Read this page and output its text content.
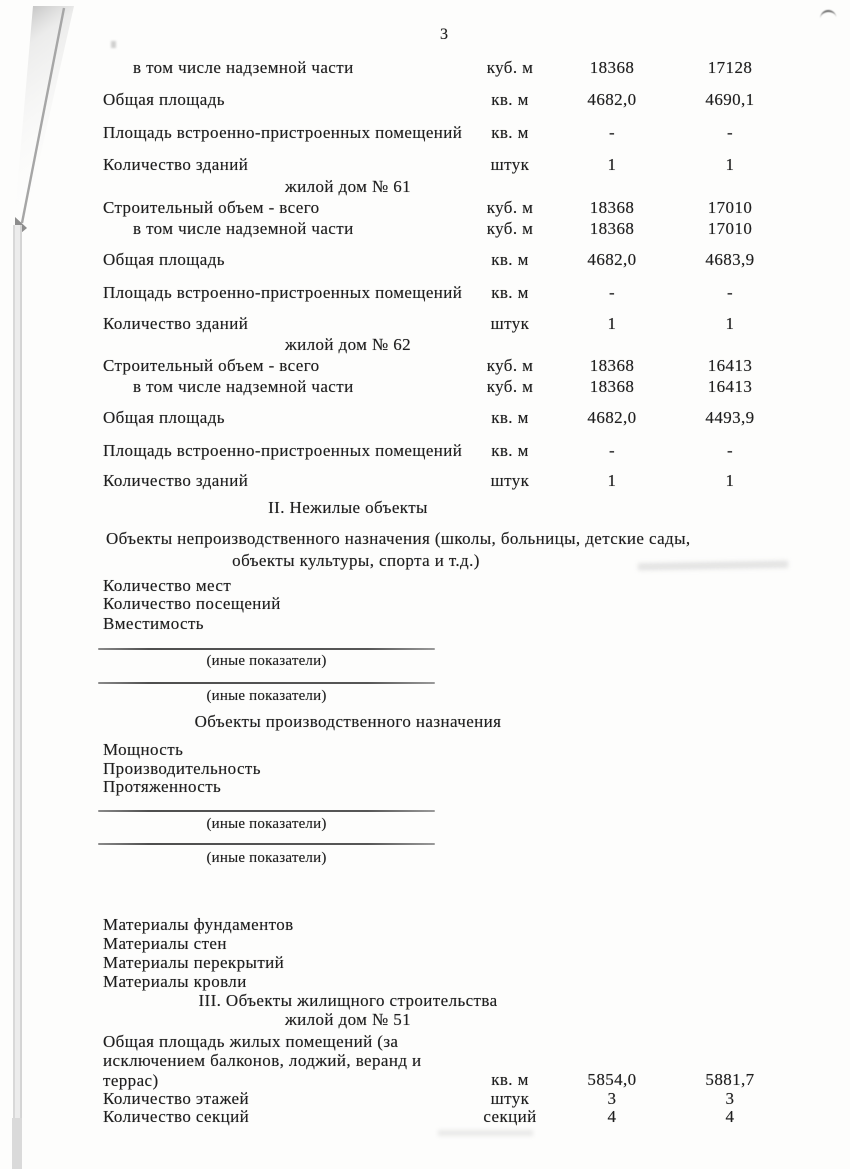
3
в том числе надземной части	куб. м	18368	17128
Общая площадь	кв. м	4682,0	4690,1
Площадь встроенно-пристроенных помещений	кв. м	-	-
Количество зданий	штук	1	1
жилой дом № 61
Строительный объем - всего	куб. м	18368	17010
в том числе надземной части	куб. м	18368	17010
Общая площадь	кв. м	4682,0	4683,9
Площадь встроенно-пристроенных помещений	кв. м	-	-
Количество зданий	штук	1	1
жилой дом № 62
Строительный объем - всего	куб. м	18368	16413
в том числе надземной части	куб. м	18368	16413
Общая площадь	кв. м	4682,0	4493,9
Площадь встроенно-пристроенных помещений	кв. м	-	-
Количество зданий	штук	1	1
II. Нежилые объекты
Объекты непроизводственного назначения (школы, больницы, детские сады,
объекты культуры, спорта и т.д.)
Количество мест
Количество посещений
Вместимость
(иные показатели)
(иные показатели)
Объекты производственного назначения
Мощность
Производительность
Протяженность
(иные показатели)
(иные показатели)
Материалы фундаментов
Материалы стен
Материалы перекрытий
Материалы кровли
III. Объекты жилищного строительства
жилой дом № 51
Общая площадь жилых помещений (за
исключением балконов, лоджий, веранд и
террас)	кв. м	5854,0	5881,7
Количество этажей	штук	3	3
Количество секций	секций	4	4
